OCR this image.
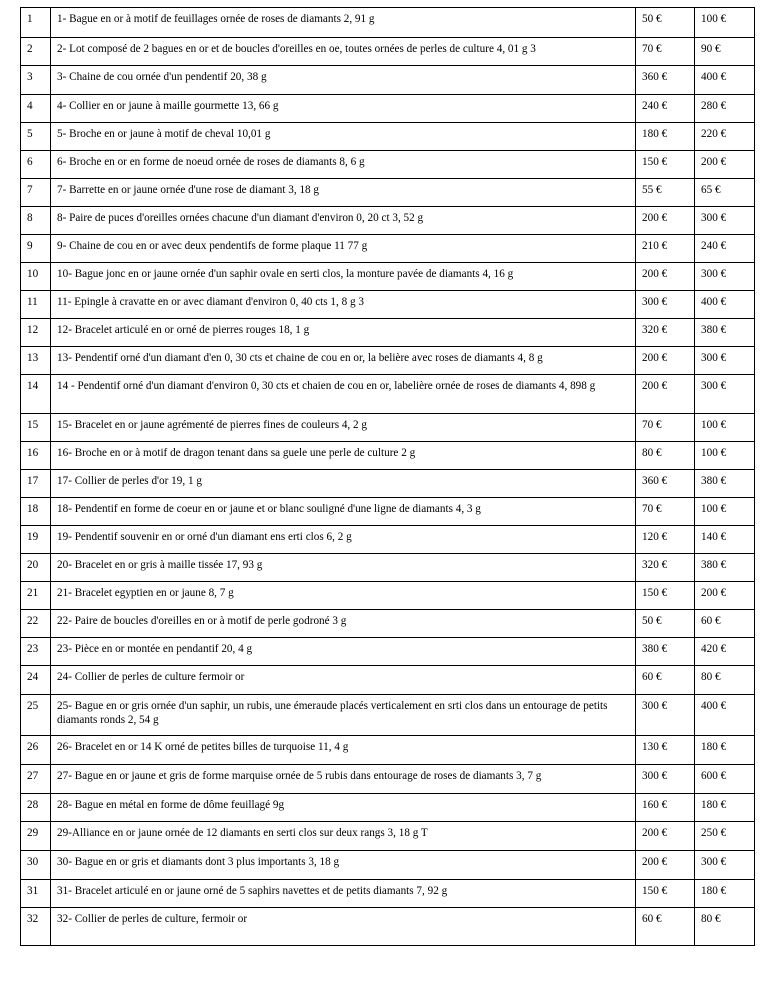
1	1- Bague en or à motif de feuillages ornée de roses de diamants 2, 91 g	50 €	100 €
2	2- Lot composé de 2 bagues en or et de boucles d'oreilles en oe, toutes ornées de perles de culture 4, 01 g 3	70 €	90 €
3	3- Chaine de cou ornée d'un pendentif 20, 38 g	360 €	400 €
4	4- Collier en or jaune à maille gourmette 13, 66 g	240 €	280 €
5	5- Broche en or jaune à motif de cheval 10,01 g	180 €	220 €
6	6- Broche en or en forme de noeud ornée de roses de diamants 8, 6 g	150 €	200 €
7	7- Barrette en or jaune ornée d'une rose de diamant 3, 18 g	55 €	65 €
8	8- Paire de puces d'oreilles ornées chacune d'un diamant d'environ 0, 20 ct 3, 52 g	200 €	300 €
9	9- Chaine de cou en or avec deux pendentifs de forme plaque 11 77 g	210 €	240 €
10	10- Bague jonc en or jaune ornée d'un saphir ovale en serti clos, la monture pavée de diamants 4, 16 g	200 €	300 €
11	11- Epingle à cravatte en or avec diamant d'environ 0, 40 cts 1, 8 g 3	300 €	400 €
12	12- Bracelet articulé en or orné de pierres rouges 18, 1 g	320 €	380 €
13	13- Pendentif orné d'un diamant d'en 0, 30 cts et chaine de cou en or, la belière avec roses de diamants 4, 8 g	200 €	300 €
14	14 - Pendentif orné d'un diamant d'environ 0, 30 cts et chaien de cou en or, labelière ornée de roses de diamants 4, 898 g	200 €	300 €
15	15- Bracelet en or jaune agrémenté de pierres fines de couleurs 4, 2 g	70 €	100 €
16	16- Broche en or à motif de dragon tenant dans sa guele une perle de culture 2 g	80 €	100 €
17	17- Collier de perles d'or 19, 1 g	360 €	380 €
18	18- Pendentif en forme de coeur en or jaune et or blanc souligné d'une ligne de diamants 4, 3 g	70 €	100 €
19	19- Pendentif souvenir en or orné d'un diamant ens erti clos 6, 2 g	120 €	140 €
20	20- Bracelet en or gris à maille tissée 17, 93 g	320 €	380 €
21	21- Bracelet egyptien en or jaune 8, 7 g	150 €	200 €
22	22- Paire de boucles d'oreilles en or à motif de perle godroné 3 g	50 €	60 €
23	23- Pièce en or montée en pendantif 20, 4 g	380 €	420 €
24	24- Collier de perles de culture fermoir or	60 €	80 €
25	25- Bague en or gris ornée d'un saphir, un rubis, une émeraude placés verticalement en srti clos dans un entourage de petits diamants ronds 2, 54 g	300 €	400 €
26	26- Bracelet en or 14 K orné de petites billes de turquoise 11, 4 g	130 €	180 €
27	27- Bague en or jaune et gris de forme marquise ornée de 5 rubis dans entourage de roses de diamants 3, 7 g	300 €	600 €
28	28- Bague en métal en forme de dôme feuillagé 9g	160 €	180 €
29	29-Alliance en or jaune ornée de 12 diamants en serti clos sur deux rangs 3, 18 g T	200 €	250 €
30	30- Bague en or gris et diamants dont 3 plus importants 3, 18 g	200 €	300 €
31	31- Bracelet articulé en or jaune orné de 5 saphirs navettes et de petits diamants 7, 92 g	150 €	180 €
32	32- Collier de perles de culture, fermoir or	60 €	80 €
